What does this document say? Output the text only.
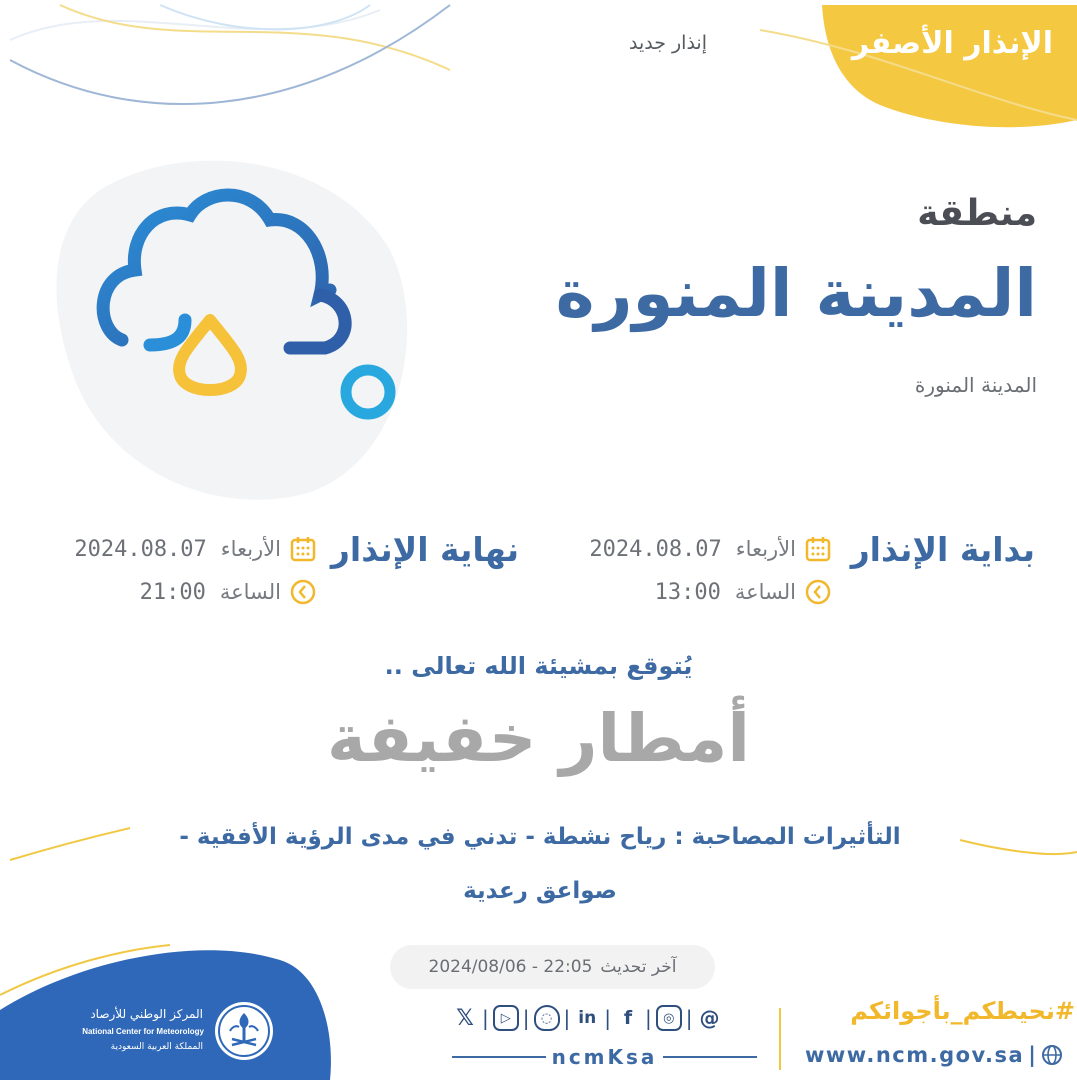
الإنذار الأصفر
إنذار جديد
منطقة
المدينة المنورة
المدينة المنورة
بداية الإنذار
2024.08.07 الأربعاء
13:00 الساعة
نهاية الإنذار
2024.08.07 الأربعاء
21:00 الساعة
يُتوقع بمشيئة الله تعالى ..
أمطار خفيفة
التأثيرات المصاحبة : رياح نشطة - تدني في مدى الرؤية الأفقية -
صواعق رعدية
آخر تحديث
2024/08/06 - 22:05
المركز الوطني للأرصاد
National Center for Meteorology
المملكة العربية السعودية
𝕏 | ▷ | ◌ | in | f | ◎ | @
ncmKsa
#نحيطكم_بأجوائكم
www.ncm.gov.sa |
